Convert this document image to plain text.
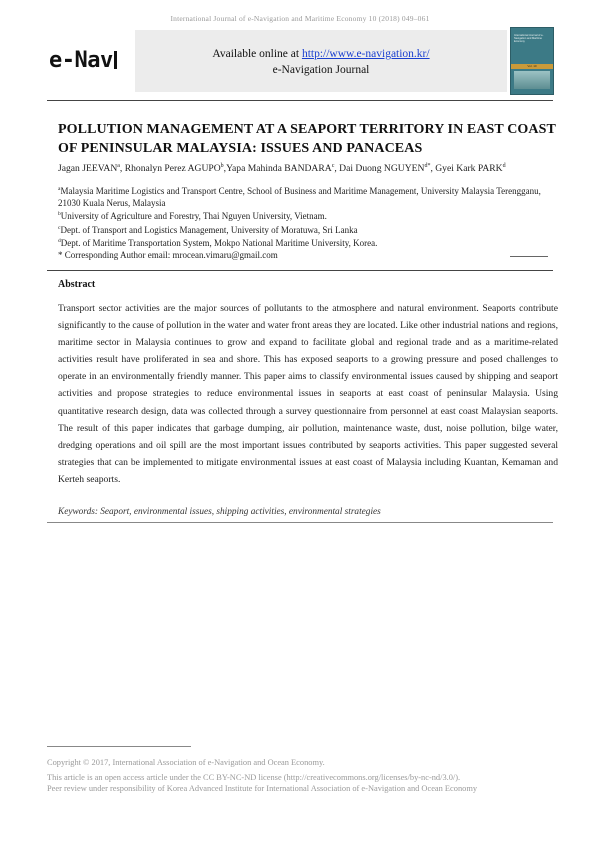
International Journal of e-Navigation and Maritime Economy 10 (2018) 049–061
e-Nav	Available online at http://www.e-navigation.kr/
e-Navigation Journal
International Journal of e-Navigation and Maritime Economy
Vol. 10
POLLUTION MANAGEMENT AT A SEAPORT TERRITORY IN EAST COAST OF PENINSULAR MALAYSIA: ISSUES AND PANACEAS
Jagan JEEVAN$^a$, Rhonalyn Perez AGUPO$^b$,Yapa Mahinda BANDARA$^c$, Dai Duong $NGUYEN^{d*}$, Gyei Kark PARK$^d$
$^a$Malaysia Maritime Logistics and Transport Centre, School of Business and Maritime Management, University Malaysia Terengganu, 21030 Kuala Nerus, Malaysia
$^b$University of Agriculture and Forestry, Thai Nguyen University, Vietnam.
$^c$Dept. of Transport and Logistics Management, University of Moratuwa, Sri Lanka
$^d$Dept. of Maritime Transportation System, Mokpo National Maritime University, Korea.
* Corresponding Author email: mrocean.vimaru@gmail.com
Abstract
Transport sector activities are the major sources of pollutants to the atmosphere and natural environment. Seaports contribute significantly to the cause of pollution in the water and water front areas they are located. Like other industrial nations and regions, maritime sector in Malaysia continues to grow and expand to facilitate global and regional trade and as a maritime-related activities result have proliferated in sea and shore. This has exposed seaports to a growing pressure and posed challenges to operate in an environmentally friendly manner. This paper aims to classify environmental issues caused by shipping and seaport activities and propose strategies to reduce environmental issues in seaports at east coast of peninsular Malaysia. Using quantitative research design, data was collected through a survey questionnaire from personnel at east coast Malaysian seaports. The result of this paper indicates that garbage dumping, air pollution, maintenance waste, dust, noise pollution, bilge water, dredging operations and oil spill are the most important issues contributed by seaports activities. This paper suggested several strategies that can be implemented to mitigate environmental issues at east coast of Malaysia including Kuantan, Kemaman and Kerteh seaports.
Keywords: Seaport, environmental issues, shipping activities, environmental strategies
Copyright © 2017, International Association of e-Navigation and Ocean Economy.
This article is an open access article under the CC BY-NC-ND license (http://creativecommons.org/licenses/by-nc-nd/3.0/).
Peer review under responsibility of Korea Advanced Institute for International Association of e-Navigation and Ocean Economy
